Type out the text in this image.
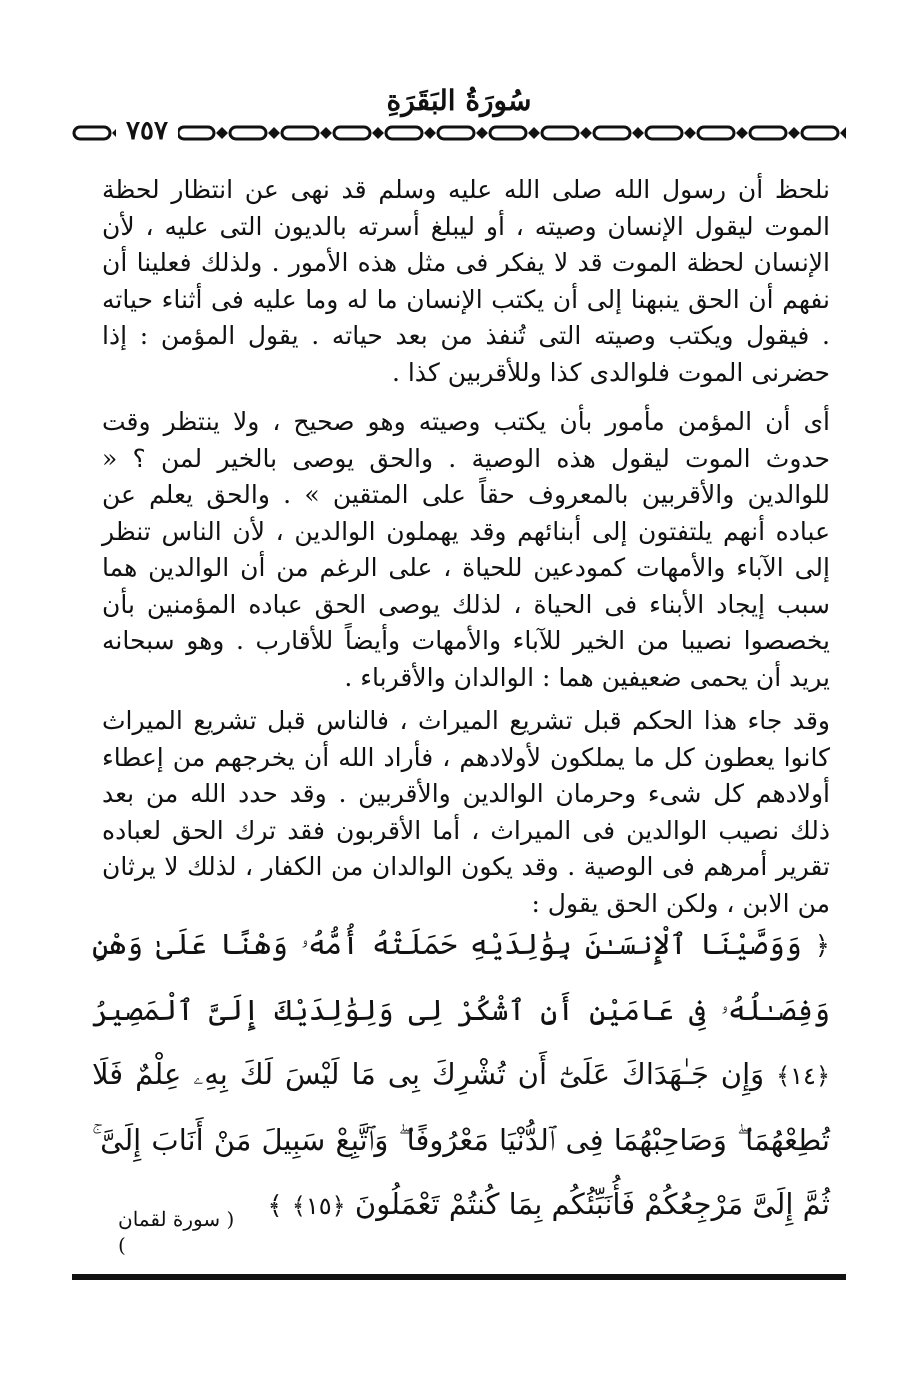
سُورَةُ البَقَرَةِ
٧٥٧

نلحظ أن رسول الله صلى الله عليه وسلم قد نهى عن انتظار لحظة الموت ليقول الإنسان وصيته ، أو ليبلغ أسرته بالديون التى عليه ، لأن الإنسان لحظة الموت قد لا يفكر فى مثل هذه الأمور . ولذلك فعلينا أن نفهم أن الحق ينبهنا إلى أن يكتب الإنسان ما له وما عليه فى أثناء حياته . فيقول ويكتب وصيته التى تُنفذ من بعد حياته . يقول المؤمن : إذا حضرنى الموت فلوالدى كذا وللأقربين كذا .

أى أن المؤمن مأمور بأن يكتب وصيته وهو صحيح ، ولا ينتظر وقت حدوث الموت ليقول هذه الوصية . والحق يوصى بالخير لمن ؟ « للوالدين والأقربين بالمعروف حقاً على المتقين » . والحق يعلم عن عباده أنهم يلتفتون إلى أبنائهم وقد يهملون الوالدين ، لأن الناس تنظر إلى الآباء والأمهات كمودعين للحياة ، على الرغم من أن الوالدين هما سبب إيجاد الأبناء فى الحياة ، لذلك يوصى الحق عباده المؤمنين بأن يخصصوا نصيبا من الخير للآباء والأمهات وأيضاً للأقارب . وهو سبحانه يريد أن يحمى ضعيفين هما : الوالدان والأقرباء .

وقد جاء هذا الحكم قبل تشريع الميراث ، فالناس قبل تشريع الميراث كانوا يعطون كل ما يملكون لأولادهم ، فأراد الله أن يخرجهم من إعطاء أولادهم كل شىء وحرمان الوالدين والأقربين . وقد حدد الله من بعد ذلك نصيب الوالدين فى الميراث ، أما الأقربون فقد ترك الحق لعباده تقرير أمرهم فى الوصية . وقد يكون الوالدان من الكفار ، لذلك لا يرثان من الابن ، ولكن الحق يقول :

﴿ وَوَصَّيْنَا ٱلْإِنسَـٰنَ بِوَٰلِدَيْهِ حَمَلَتْهُ أُمُّهُۥ وَهْنًا عَلَىٰ وَهْنٍ وَفِصَـٰلُهُۥ فِى عَامَيْنِ أَنِ ٱشْكُرْ لِى وَلِوَٰلِدَيْكَ إِلَىَّ ٱلْمَصِيرُ ﴿١٤﴾ وَإِن جَـٰهَدَاكَ عَلَىٰٓ أَن تُشْرِكَ بِى مَا لَيْسَ لَكَ بِهِۦ عِلْمٌ فَلَا تُطِعْهُمَا ۖ وَصَاحِبْهُمَا فِى ٱلدُّنْيَا مَعْرُوفًا ۖ وَٱتَّبِعْ سَبِيلَ مَنْ أَنَابَ إِلَىَّ ۚ ثُمَّ إِلَىَّ مَرْجِعُكُمْ فَأُنَبِّئُكُم بِمَا كُنتُمْ تَعْمَلُونَ ﴿١٥﴾ ﴾
( سورة لقمان )
